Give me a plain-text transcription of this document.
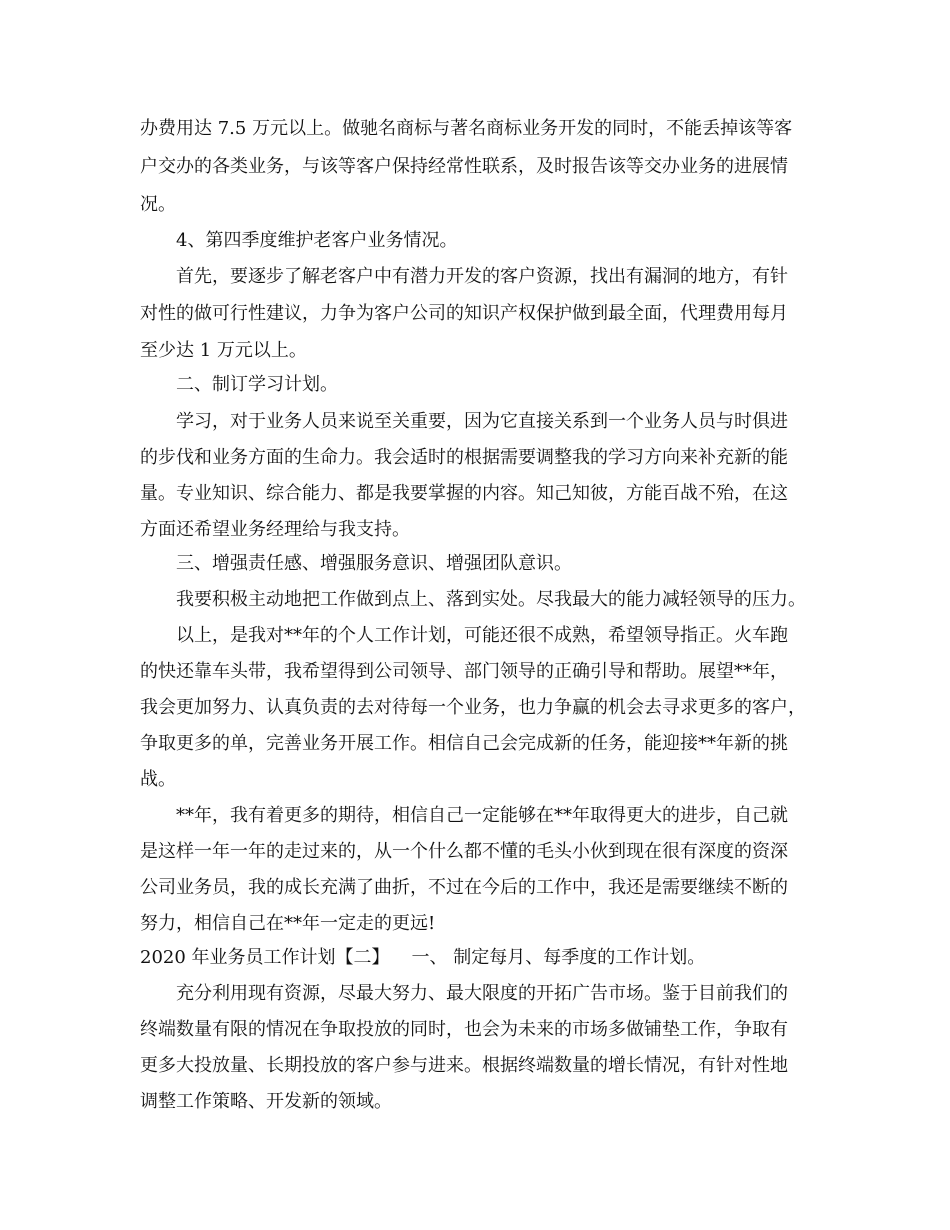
办费用达 7.5 万元以上。做驰名商标与著名商标业务开发的同时，不能丢掉该等客
户交办的各类业务，与该等客户保持经常性联系，及时报告该等交办业务的进展情
况。
4、第四季度维护老客户业务情况。
首先，要逐步了解老客户中有潜力开发的客户资源，找出有漏洞的地方，有针
对性的做可行性建议，力争为客户公司的知识产权保护做到最全面，代理费用每月
至少达 1 万元以上。
二、制订学习计划。
学习，对于业务人员来说至关重要，因为它直接关系到一个业务人员与时俱进
的步伐和业务方面的生命力。我会适时的根据需要调整我的学习方向来补充新的能
量。专业知识、综合能力、都是我要掌握的内容。知己知彼，方能百战不殆，在这
方面还希望业务经理给与我支持。
三、增强责任感、增强服务意识、增强团队意识。
我要积极主动地把工作做到点上、落到实处。尽我最大的能力减轻领导的压力。
以上，是我对**年的个人工作计划，可能还很不成熟，希望领导指正。火车跑
的快还靠车头带，我希望得到公司领导、部门领导的正确引导和帮助。展望**年，
我会更加努力、认真负责的去对待每一个业务，也力争赢的机会去寻求更多的客户，
争取更多的单，完善业务开展工作。相信自己会完成新的任务，能迎接**年新的挑
战。
**年，我有着更多的期待，相信自己一定能够在**年取得更大的进步，自己就
是这样一年一年的走过来的，从一个什么都不懂的毛头小伙到现在很有深度的资深
公司业务员，我的成长充满了曲折，不过在今后的工作中，我还是需要继续不断的
努力，相信自己在**年一定走的更远!
2020 年业务员工作计划【二】 一、 制定每月、每季度的工作计划。
充分利用现有资源，尽最大努力、最大限度的开拓广告市场。鉴于目前我们的
终端数量有限的情况在争取投放的同时，也会为未来的市场多做铺垫工作，争取有
更多大投放量、长期投放的客户参与进来。根据终端数量的增长情况，有针对性地
调整工作策略、开发新的领域。
